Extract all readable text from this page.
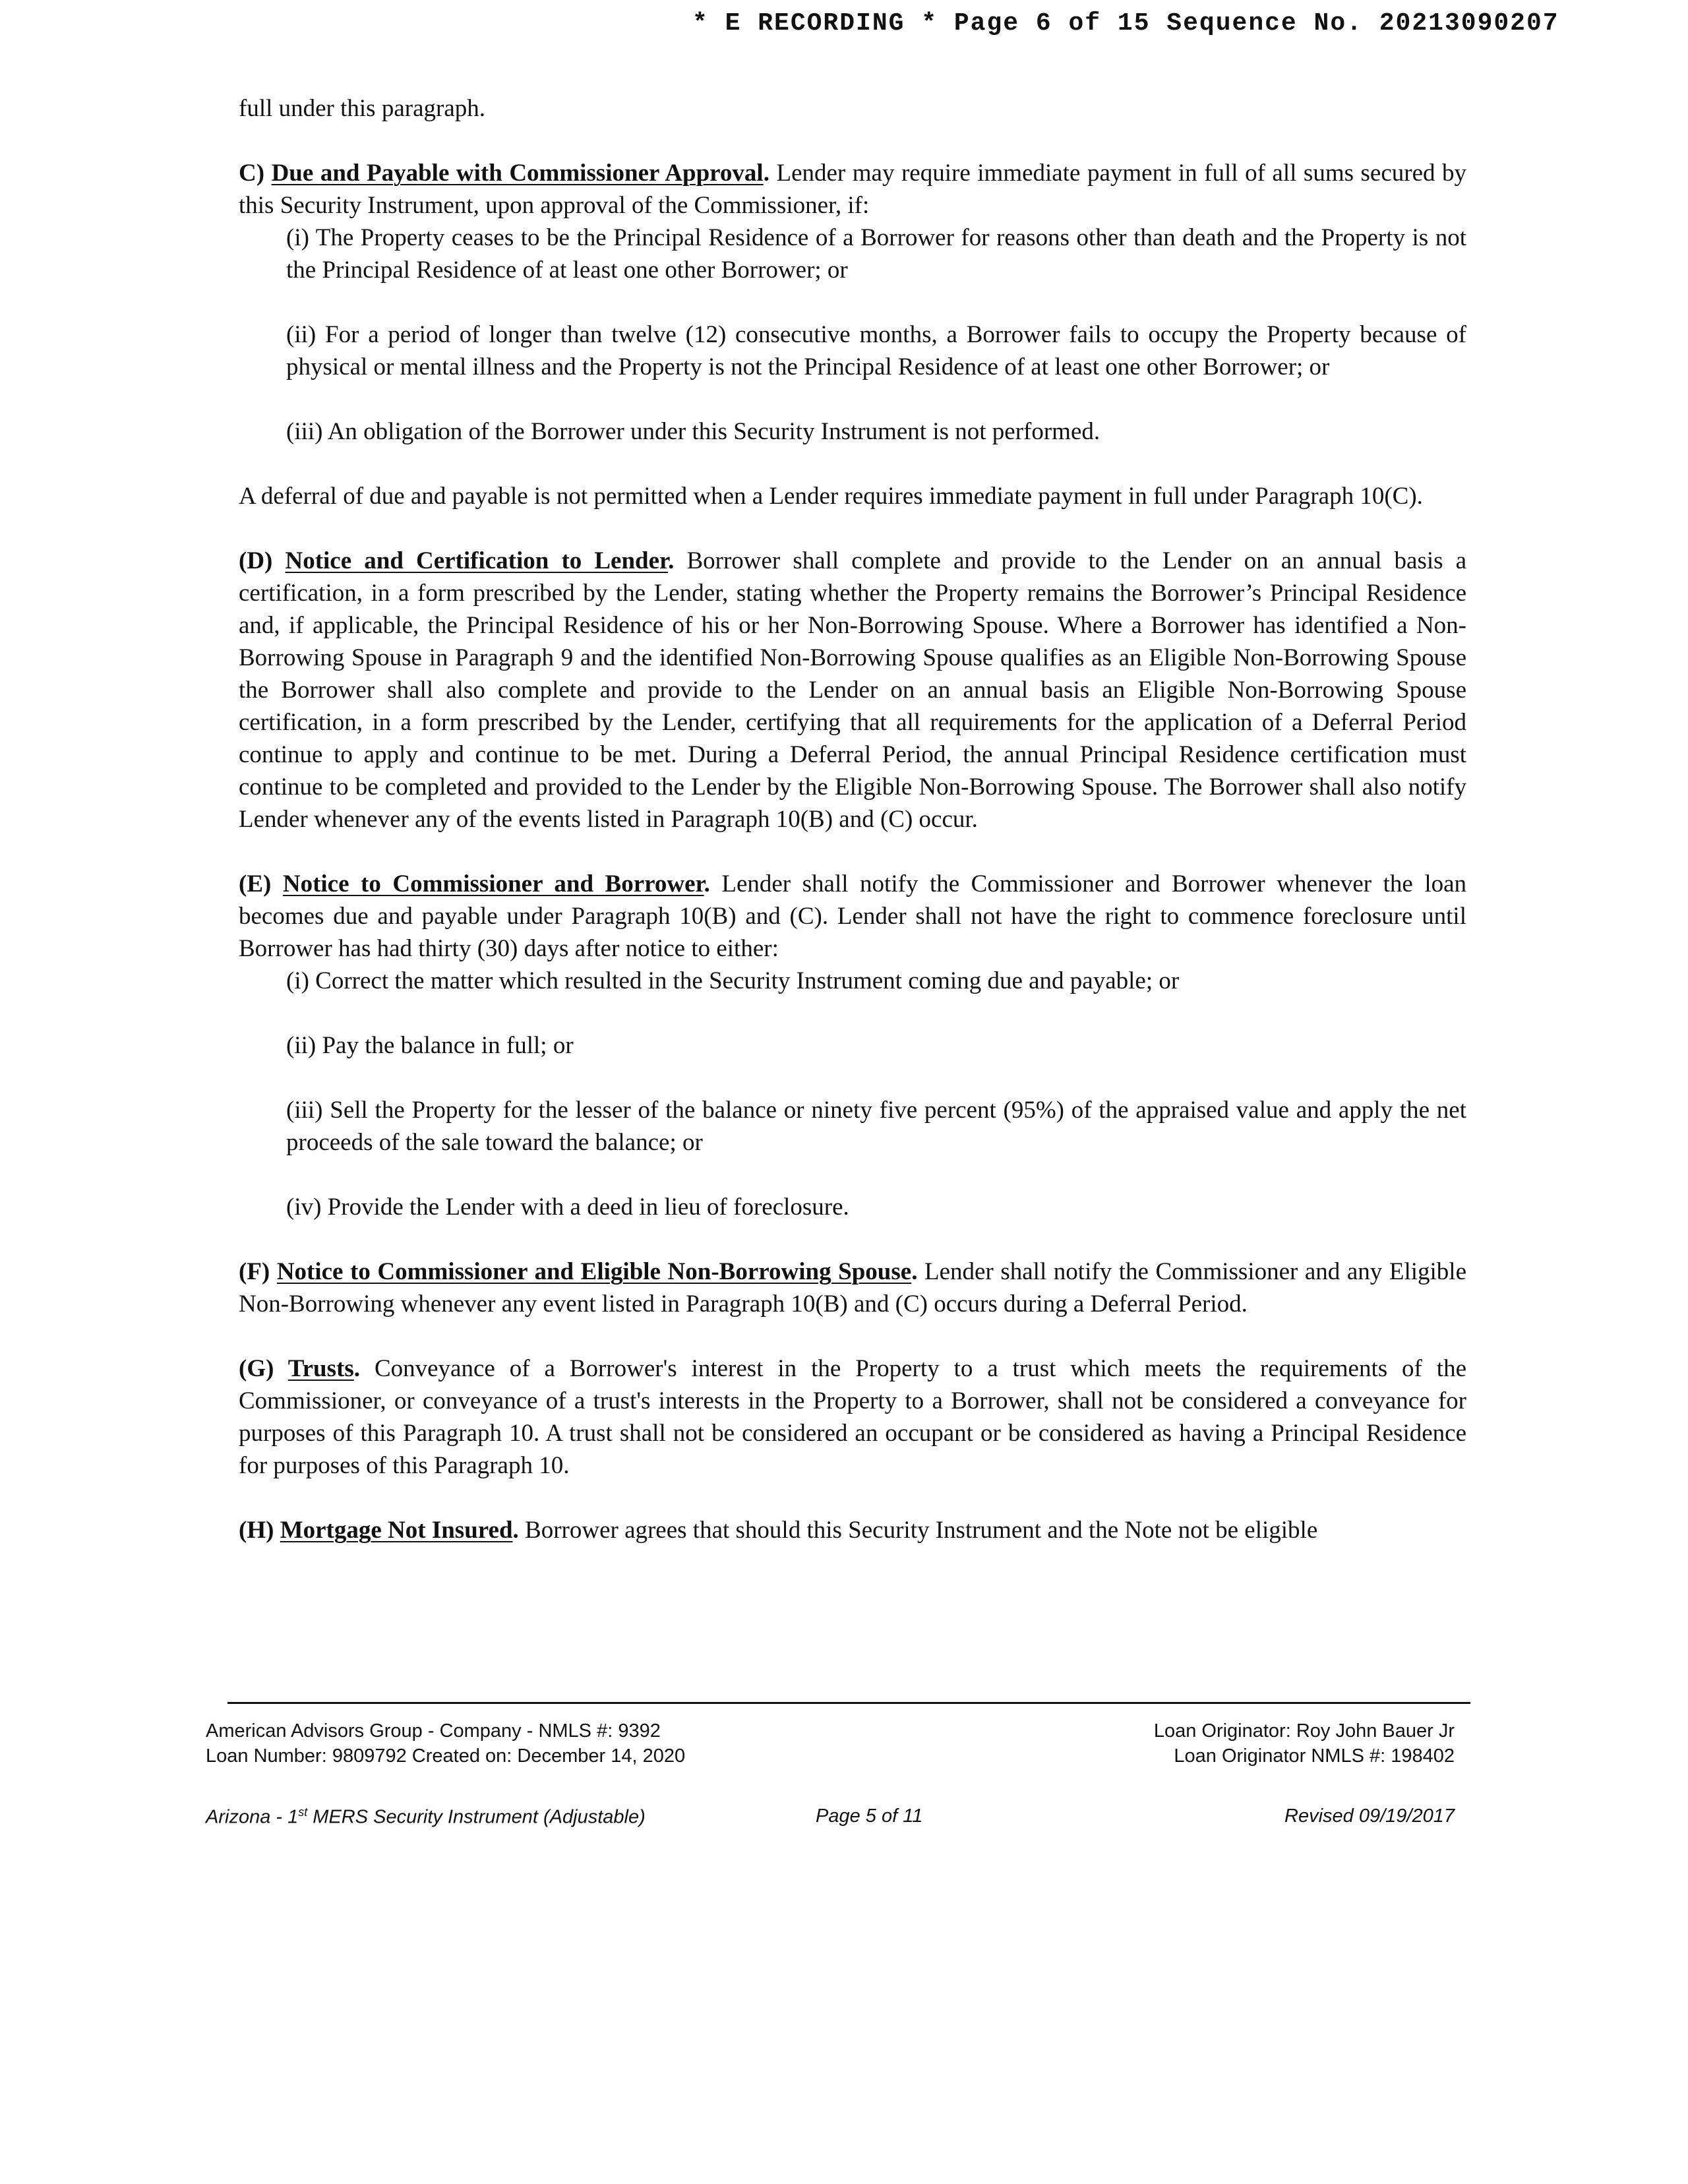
* E RECORDING * Page 6 of 15 Sequence No. 20213090207

full under this paragraph.

C) Due and Payable with Commissioner Approval. Lender may require immediate payment in full of all sums secured by this Security Instrument, upon approval of the Commissioner, if:

(i) The Property ceases to be the Principal Residence of a Borrower for reasons other than death and the Property is not the Principal Residence of at least one other Borrower; or

(ii) For a period of longer than twelve (12) consecutive months, a Borrower fails to occupy the Property because of physical or mental illness and the Property is not the Principal Residence of at least one other Borrower; or

(iii) An obligation of the Borrower under this Security Instrument is not performed.

A deferral of due and payable is not permitted when a Lender requires immediate payment in full under Paragraph 10(C).

(D) Notice and Certification to Lender. Borrower shall complete and provide to the Lender on an annual basis a certification, in a form prescribed by the Lender, stating whether the Property remains the Borrower’s Principal Residence and, if applicable, the Principal Residence of his or her Non-Borrowing Spouse. Where a Borrower has identified a Non-Borrowing Spouse in Paragraph 9 and the identified Non-Borrowing Spouse qualifies as an Eligible Non-Borrowing Spouse the Borrower shall also complete and provide to the Lender on an annual basis an Eligible Non-Borrowing Spouse certification, in a form prescribed by the Lender, certifying that all requirements for the application of a Deferral Period continue to apply and continue to be met. During a Deferral Period, the annual Principal Residence certification must continue to be completed and provided to the Lender by the Eligible Non-Borrowing Spouse. The Borrower shall also notify Lender whenever any of the events listed in Paragraph 10(B) and (C) occur.

(E) Notice to Commissioner and Borrower. Lender shall notify the Commissioner and Borrower whenever the loan becomes due and payable under Paragraph 10(B) and (C). Lender shall not have the right to commence foreclosure until Borrower has had thirty (30) days after notice to either:

(i) Correct the matter which resulted in the Security Instrument coming due and payable; or

(ii) Pay the balance in full; or

(iii) Sell the Property for the lesser of the balance or ninety five percent (95%) of the appraised value and apply the net proceeds of the sale toward the balance; or

(iv) Provide the Lender with a deed in lieu of foreclosure.

(F) Notice to Commissioner and Eligible Non-Borrowing Spouse. Lender shall notify the Commissioner and any Eligible Non-Borrowing whenever any event listed in Paragraph 10(B) and (C) occurs during a Deferral Period.

(G) Trusts. Conveyance of a Borrower's interest in the Property to a trust which meets the requirements of the Commissioner, or conveyance of a trust's interests in the Property to a Borrower, shall not be considered a conveyance for purposes of this Paragraph 10. A trust shall not be considered an occupant or be considered as having a Principal Residence for purposes of this Paragraph 10.

(H) Mortgage Not Insured. Borrower agrees that should this Security Instrument and the Note not be eligible

American Advisors Group - Company - NMLS #: 9392
Loan Number: 9809792 Created on: December 14, 2020
Loan Originator: Roy John Bauer Jr
Loan Originator NMLS #: 198402
Arizona - 1st MERS Security Instrument (Adjustable)	Page 5 of 11	Revised 09/19/2017
